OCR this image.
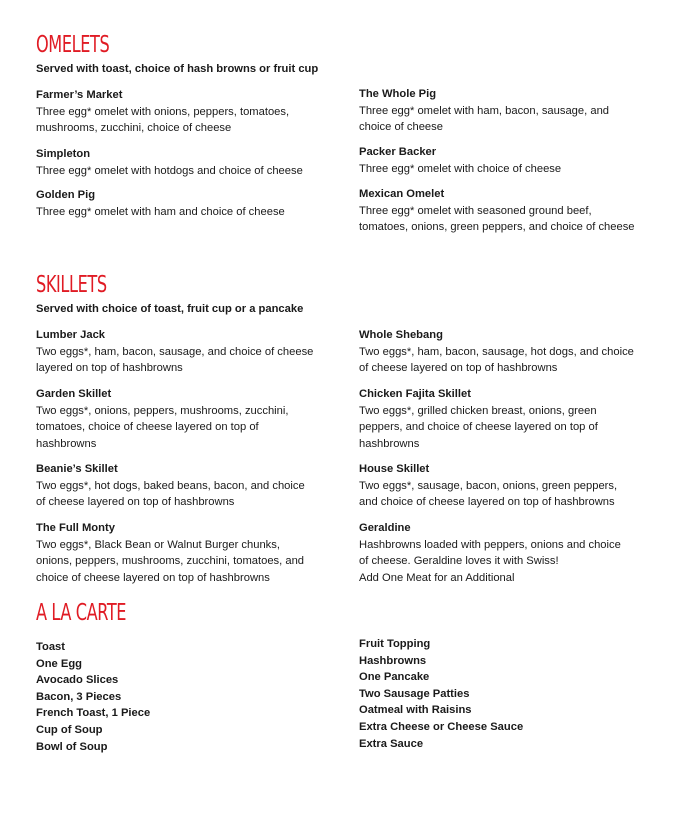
OMELETS

Served with toast, choice of hash browns or fruit cup

Farmer’s Market

Three egg* omelet with onions, peppers, tomatoes,
mushrooms, zucchini, choice of cheese

Simpleton

Three egg* omelet with hotdogs and choice of cheese

Golden Pig

Three egg* omelet with ham and choice of cheese

The Whole Pig

Three egg* omelet with ham, bacon, sausage, and
choice of cheese

Packer Backer

Three egg* omelet with choice of cheese

Mexican Omelet

Three egg* omelet with seasoned ground beef,
tomatoes, onions, green peppers, and choice of cheese

SKILLETS

Served with choice of toast, fruit cup or a pancake

Lumber Jack

Two eggs*, ham, bacon, sausage, and choice of cheese
layered on top of hashbrowns

Garden Skillet

Two eggs*, onions, peppers, mushrooms, zucchini,
tomatoes, choice of cheese layered on top of
hashbrowns

Beanie’s Skillet

Two eggs*, hot dogs, baked beans, bacon, and choice
of cheese layered on top of hashbrowns

The Full Monty

Two eggs*, Black Bean or Walnut Burger chunks,
onions, peppers, mushrooms, zucchini, tomatoes, and
choice of cheese layered on top of hashbrowns

Whole Shebang

Two eggs*, ham, bacon, sausage, hot dogs, and choice
of cheese layered on top of hashbrowns

Chicken Fajita Skillet

Two eggs*, grilled chicken breast, onions, green
peppers, and choice of cheese layered on top of
hashbrowns

House Skillet

Two eggs*, sausage, bacon, onions, green peppers,
and choice of cheese layered on top of hashbrowns

Geraldine

Hashbrowns loaded with peppers, onions and choice
of cheese. Geraldine loves it with Swiss!
Add One Meat for an Additional

A LA CARTE
Toast
One Egg
Avocado Slices
Bacon, 3 Pieces
French Toast, 1 Piece
Cup of Soup
Bowl of Soup
Fruit Topping
Hashbrowns
One Pancake
Two Sausage Patties
Oatmeal with Raisins
Extra Cheese or Cheese Sauce
Extra Sauce
